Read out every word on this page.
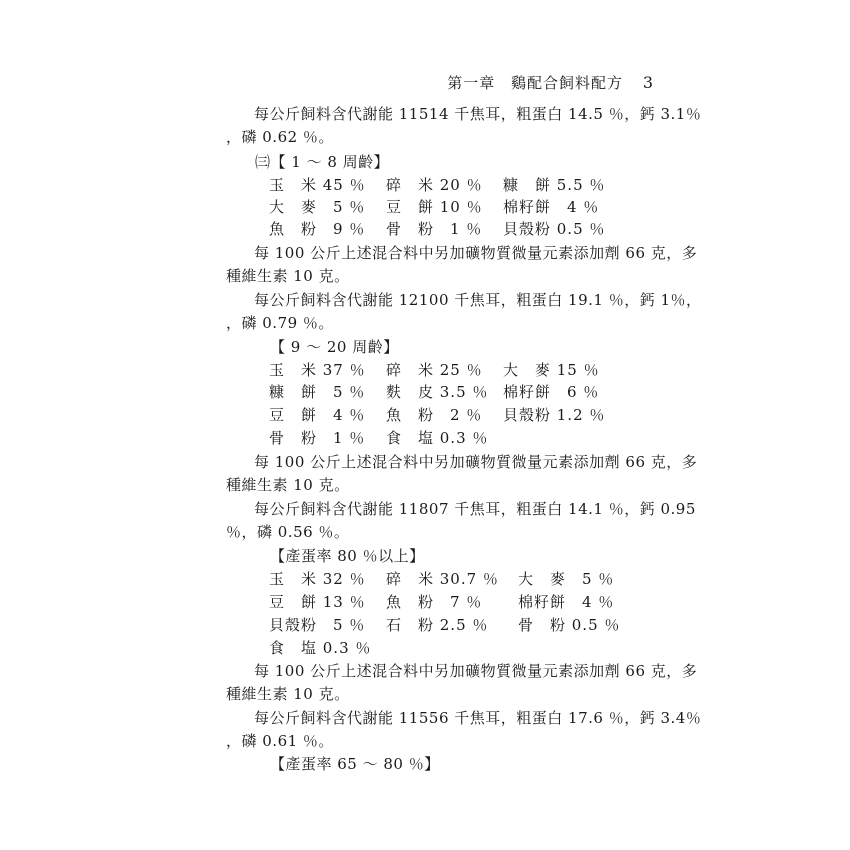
第一章 鷄配合飼料配方 3
每公斤飼料含代謝能 11514 千焦耳，粗蛋白 14.5 ％，鈣 3.1％
，磷 0.62 ％。
㈢【 1 ～ 8 周齡】
玉　米 45 ％ 碎　米 20 ％ 糠　餅 5.5 ％
大　麥　5 ％ 豆　餅 10 ％ 棉籽餅　4 ％
魚　粉　9 ％ 骨　粉　1 ％ 貝殼粉 0.5 ％
每 100 公斤上述混合料中另加礦物質微量元素添加劑 66 克，多
種維生素 10 克。
每公斤飼料含代謝能 12100 千焦耳，粗蛋白 19.1 ％，鈣 1％，
，磷 0.79 ％。
【 9 ～ 20 周齡】
玉　米 37 ％ 碎　米 25 ％ 大　麥 15 ％
糠　餅　5 ％ 麩　皮 3.5 ％ 棉籽餅　6 ％
豆　餅　4 ％ 魚　粉　2 ％ 貝殼粉 1.2 ％
骨　粉　1 ％ 食　塩 0.3 ％
每 100 公斤上述混合料中另加礦物質微量元素添加劑 66 克，多
種維生素 10 克。
每公斤飼料含代謝能 11807 千焦耳，粗蛋白 14.1 ％，鈣 0.95
％，磷 0.56 ％。
【產蛋率 80 ％以上】
玉　米 32 ％ 碎　米 30.7 ％ 大　麥　5 ％
豆　餅 13 ％ 魚　粉　7 ％ 棉籽餅　4 ％
貝殼粉　5 ％ 石　粉 2.5 ％ 骨　粉 0.5 ％
食　塩 0.3 ％
每 100 公斤上述混合料中另加礦物質微量元素添加劑 66 克，多
種維生素 10 克。
每公斤飼料含代謝能 11556 千焦耳，粗蛋白 17.6 ％，鈣 3.4％
，磷 0.61 ％。
【產蛋率 65 ～ 80 ％】
